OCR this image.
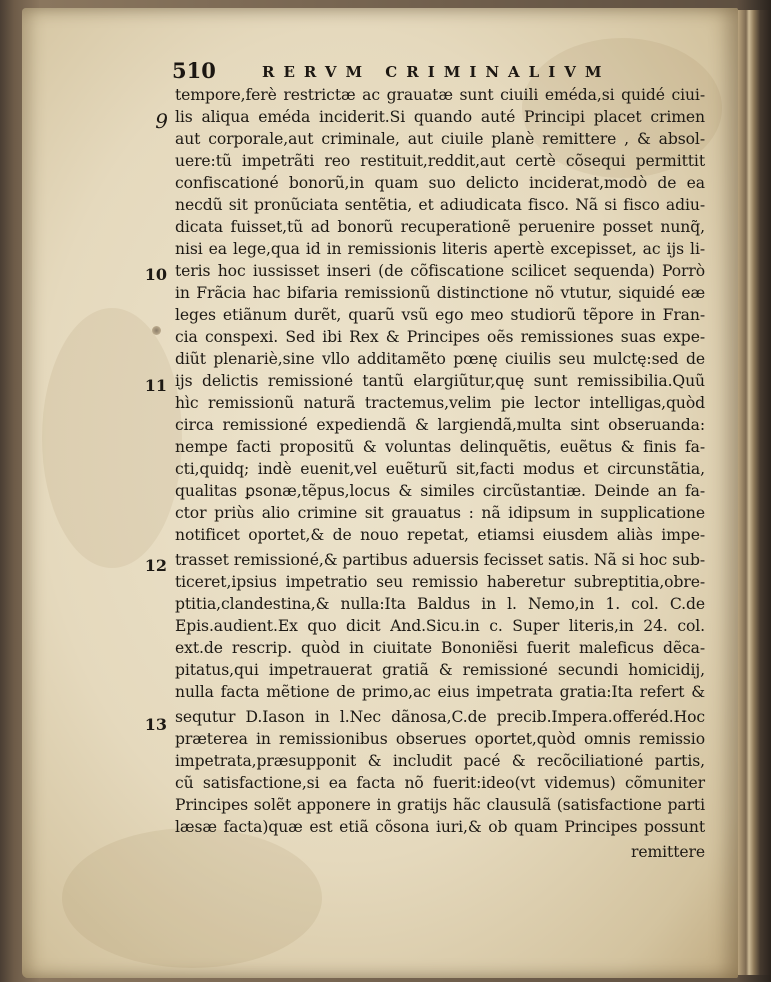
510	RERVM CRIMINALIVM
9
10
11
12
13
tempore,ferè restrictæ ac grauatæ sunt ciuili eméda,si quidé ciui-
lis aliqua eméda inciderit.Si quando auté Principi placet crimen
aut corporale,aut criminale, aut ciuile planè remittere , & absol-
uere:tũ impetrãti reo restituit,reddit,aut certè cõsequi permittit
confiscationé bonorũ,in quam suo delicto inciderat,modò de ea
necdũ sit pronũciata sentẽtia, et adiudicata fisco. Nã si fisco adiu-
dicata fuisset,tũ ad bonorũ recuperationẽ peruenire posset nunq̃,
nisi ea lege,qua id in remissionis literis apertè excepisset, ac ijs li-
teris hoc iussisset inseri (de cõfiscatione scilicet sequenda) Porrò
in Frãcia hac bifaria remissionũ distinctione nõ vtutur, siquidé eæ
leges etiãnum durẽt, quarũ vsũ ego meo studiorũ tẽpore in Fran-
cia conspexi. Sed ibi Rex & Principes oẽs remissiones suas expe-
diũt plenariè,sine vllo additamẽto pœnę ciuilis seu mulctę:sed de
ijs delictis remissioné tantũ elargiũtur,quę sunt remissibilia.Quũ
hìc remissionũ naturã tractemus,velim pie lector intelligas,quòd
circa remissioné expediendã & largiendã,multa sint obseruanda:
nempe facti propositũ & voluntas delinquẽtis, euẽtus & finis fa-
cti,quidq; indè euenit,vel euẽturũ sit,facti modus et circunstãtia,
qualitas ꝑsonæ,tẽpus,locus & similes circũstantiæ. Deinde an fa-
ctor priùs alio crimine sit grauatus : nã idipsum in supplicatione
notificet oportet,& de nouo repetat, etiamsi eiusdem aliàs impe-
trasset remissioné,& partibus aduersis fecisset satis. Nã si hoc sub-
ticeret,ipsius impetratio seu remissio haberetur subreptitia,obre-
ptitia,clandestina,& nulla:Ita Baldus in l. Nemo,in 1. col. C.de
Epis.audient.Ex quo dicit And.Sicu.in c. Super literis,in 24. col.
ext.de rescrip. quòd in ciuitate Bononiẽsi fuerit maleficus dẽca-
pitatus,qui impetrauerat gratiã & remissioné secundi homicidij,
nulla facta mẽtione de primo,ac eius impetrata gratia:Ita refert &
sequtur D.Iason in l.Nec dãnosa,C.de precib.Impera.offeréd.Hoc
præterea in remissionibus obserues oportet,quòd omnis remissio
impetrata,præsupponit & includit pacé & recõciliationé partis,
cũ satisfactione,si ea facta nõ fuerit:ideo(vt videmus) cõmuniter
Principes solẽt apponere in gratijs hãc clausulã (satisfactione parti
læsæ facta)quæ est etiã cõsona iuri,& ob quam Principes possunt
remittere
